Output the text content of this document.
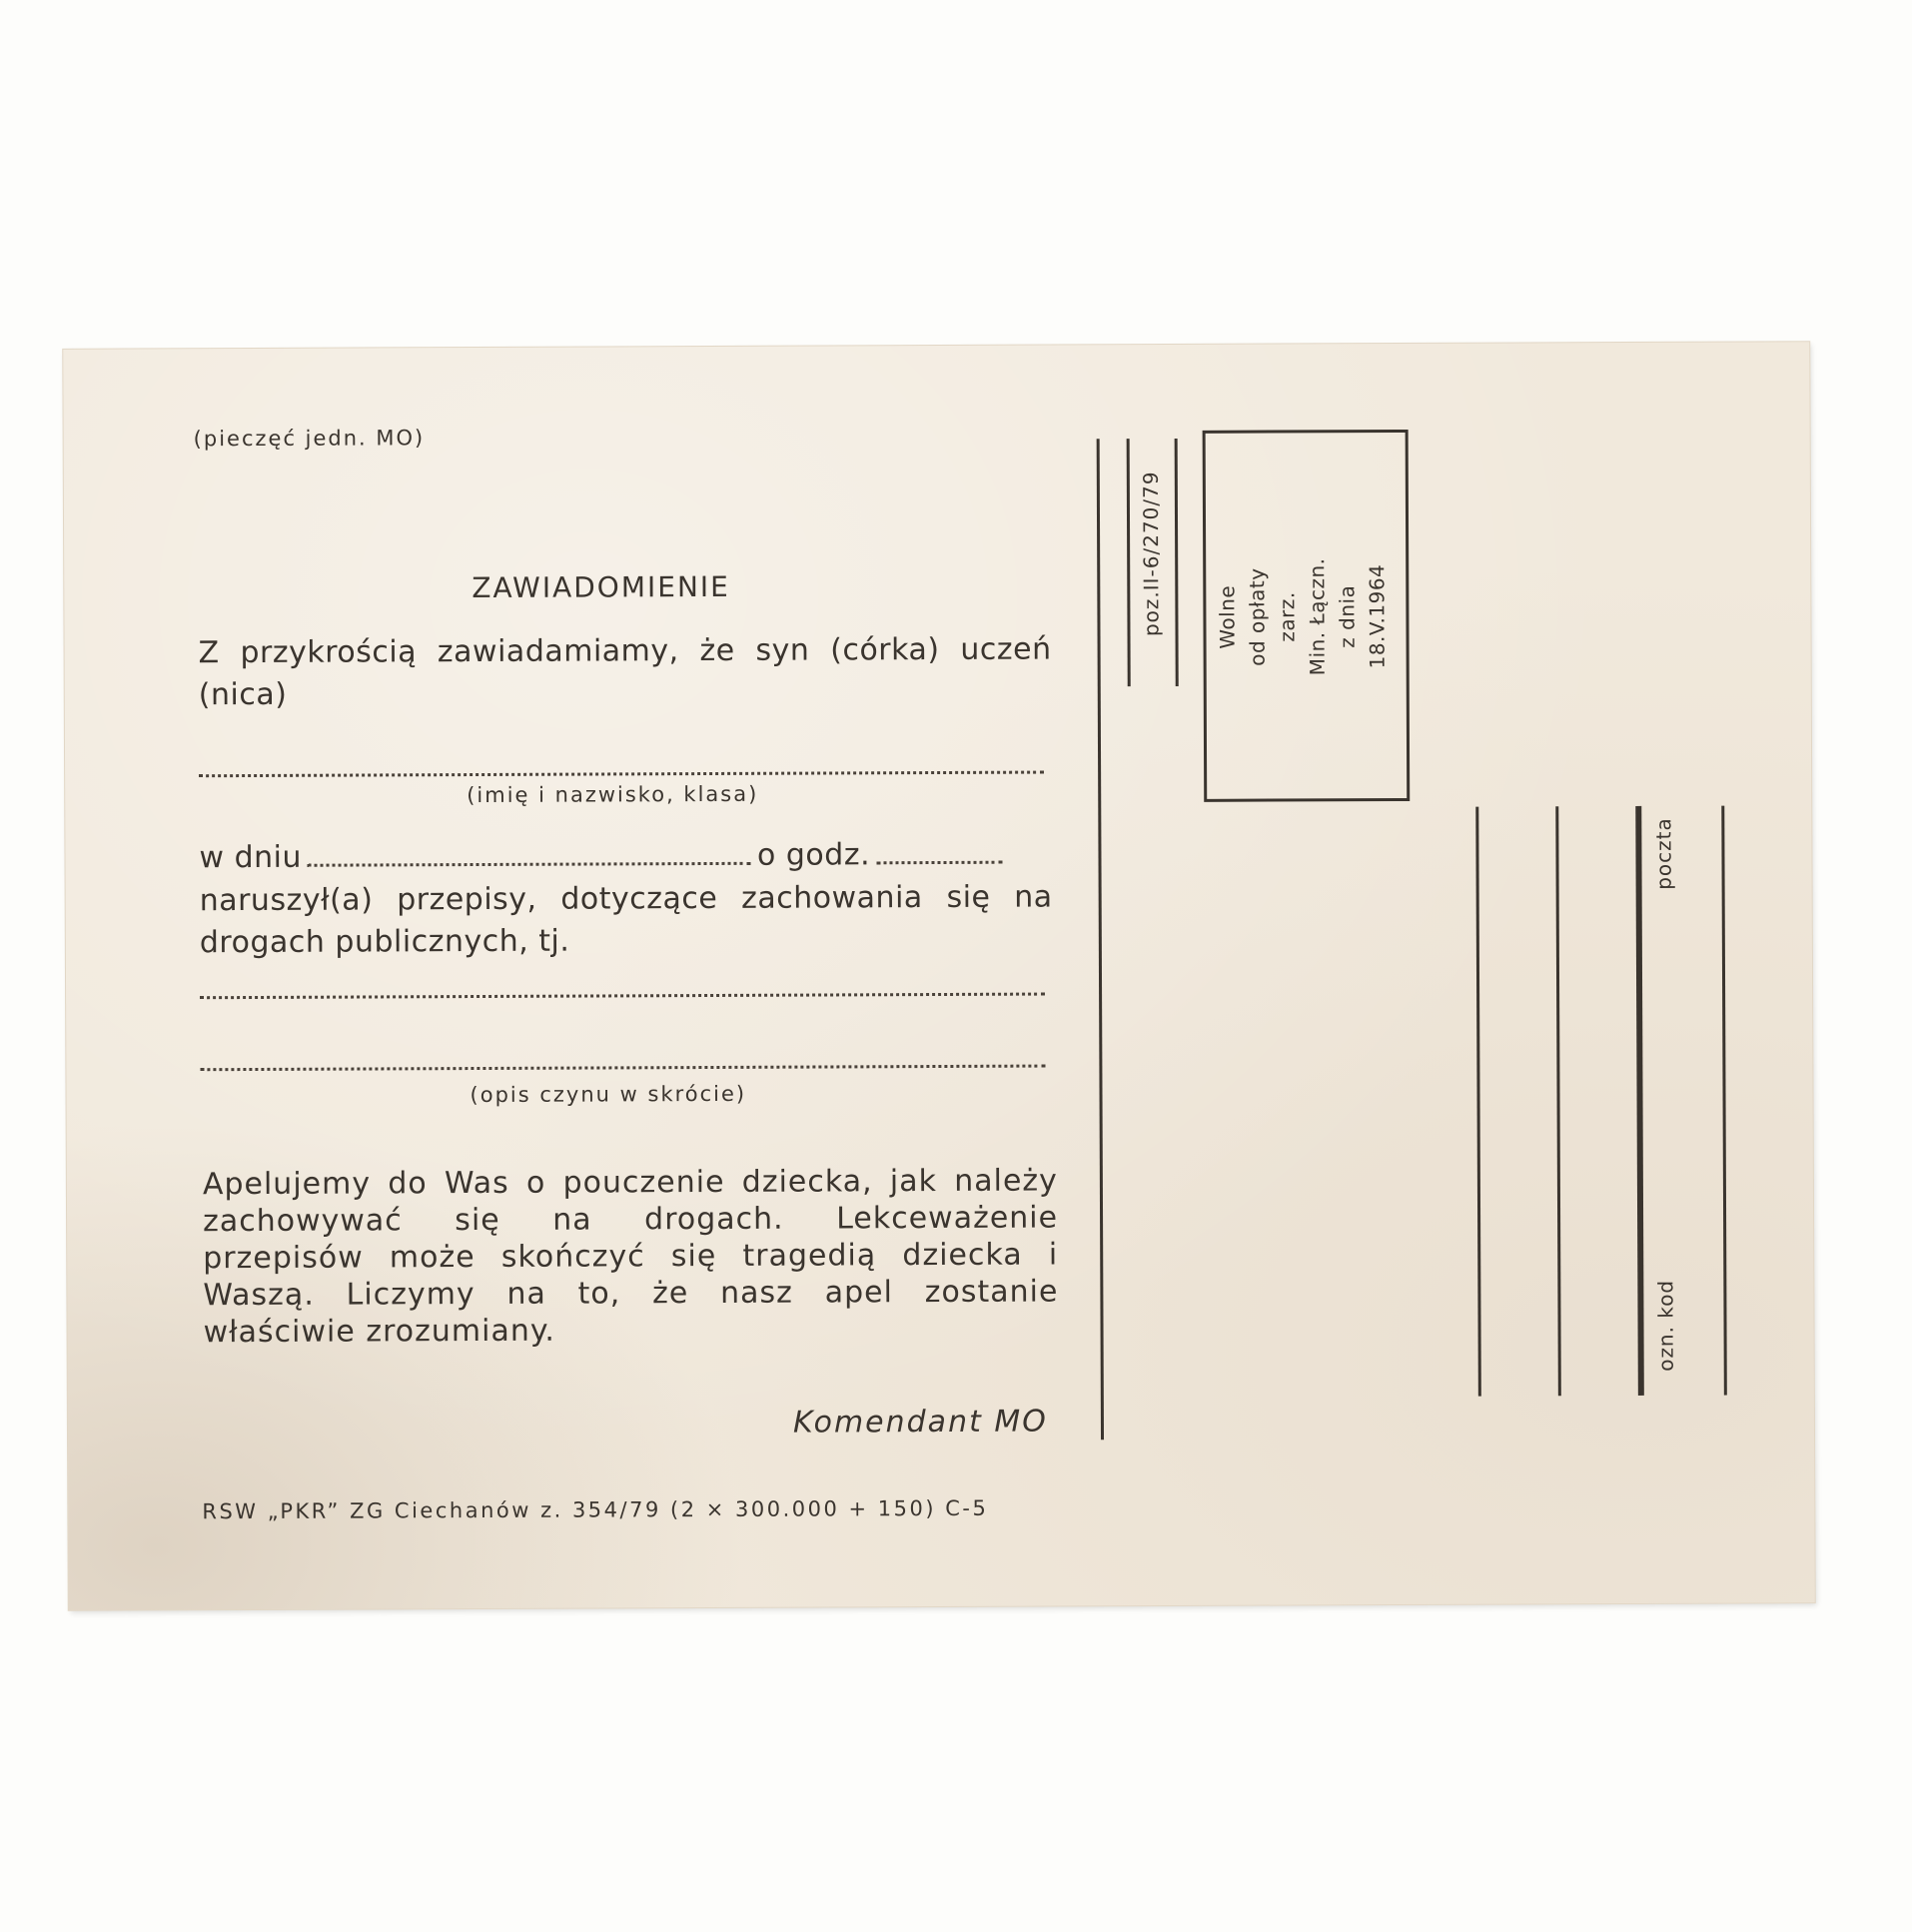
(pieczęć jedn. MO)

ZAWIADOMIENIE

Z przykrością zawiadamiamy, że syn (córka) uczeń (nica)

(imię i nazwisko, klasa)

w dniu	o godz.

naruszył(a) przepisy, dotyczące zachowania się na drogach publicznych, tj.

(opis czynu w skrócie)

Apelujemy do Was o pouczenie dziecka, jak należy zachowywać się na drogach. Lekceważenie przepisów może skończyć się tragedią dziecka i Waszą. Liczymy na to, że nasz apel zostanie właściwie zrozumiany.

Komendant MO

RSW „PKR” ZG Ciechanów z. 354/79 (2 × 300.000 + 150) C-5

poz.II-6/270/79	Wolne
od opłaty
zarz.
Min. Łączn.
z dnia
18.V.1964
poczta
ozn. kod
